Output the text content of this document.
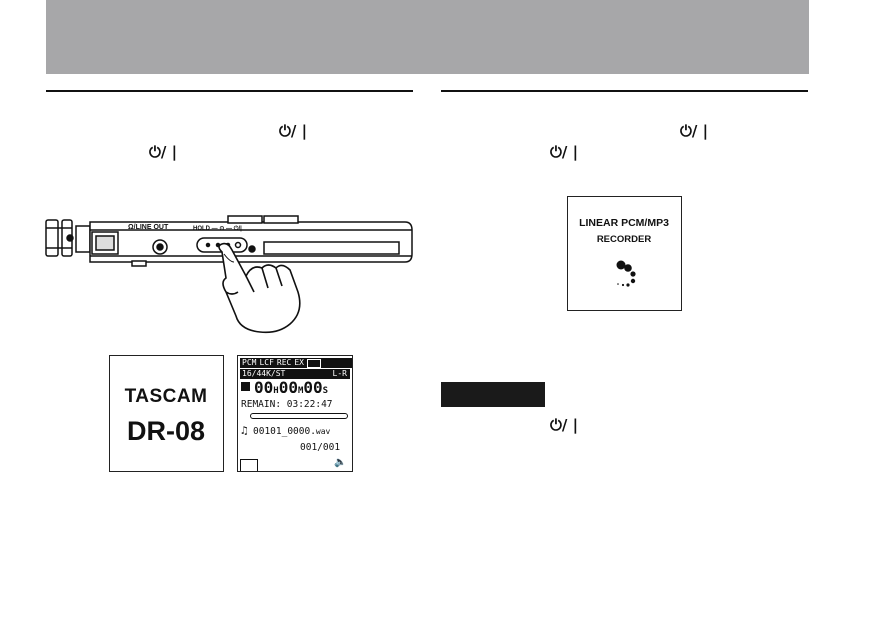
⏻/ |
⏻/ |
⏻/ |
⏻/ |
Ω/LINE OUT	HOLD — ⊙ — ⏻/|
TASCAM
DR-08
PCM LCF REC EX
16/44K/ST	L-R
00H00M00S
REMAIN: 03:22:47
♫ 00101_0000.wav
001/001
🔈
LINEAR PCM/MP3
RECORDER
⏻/ |
